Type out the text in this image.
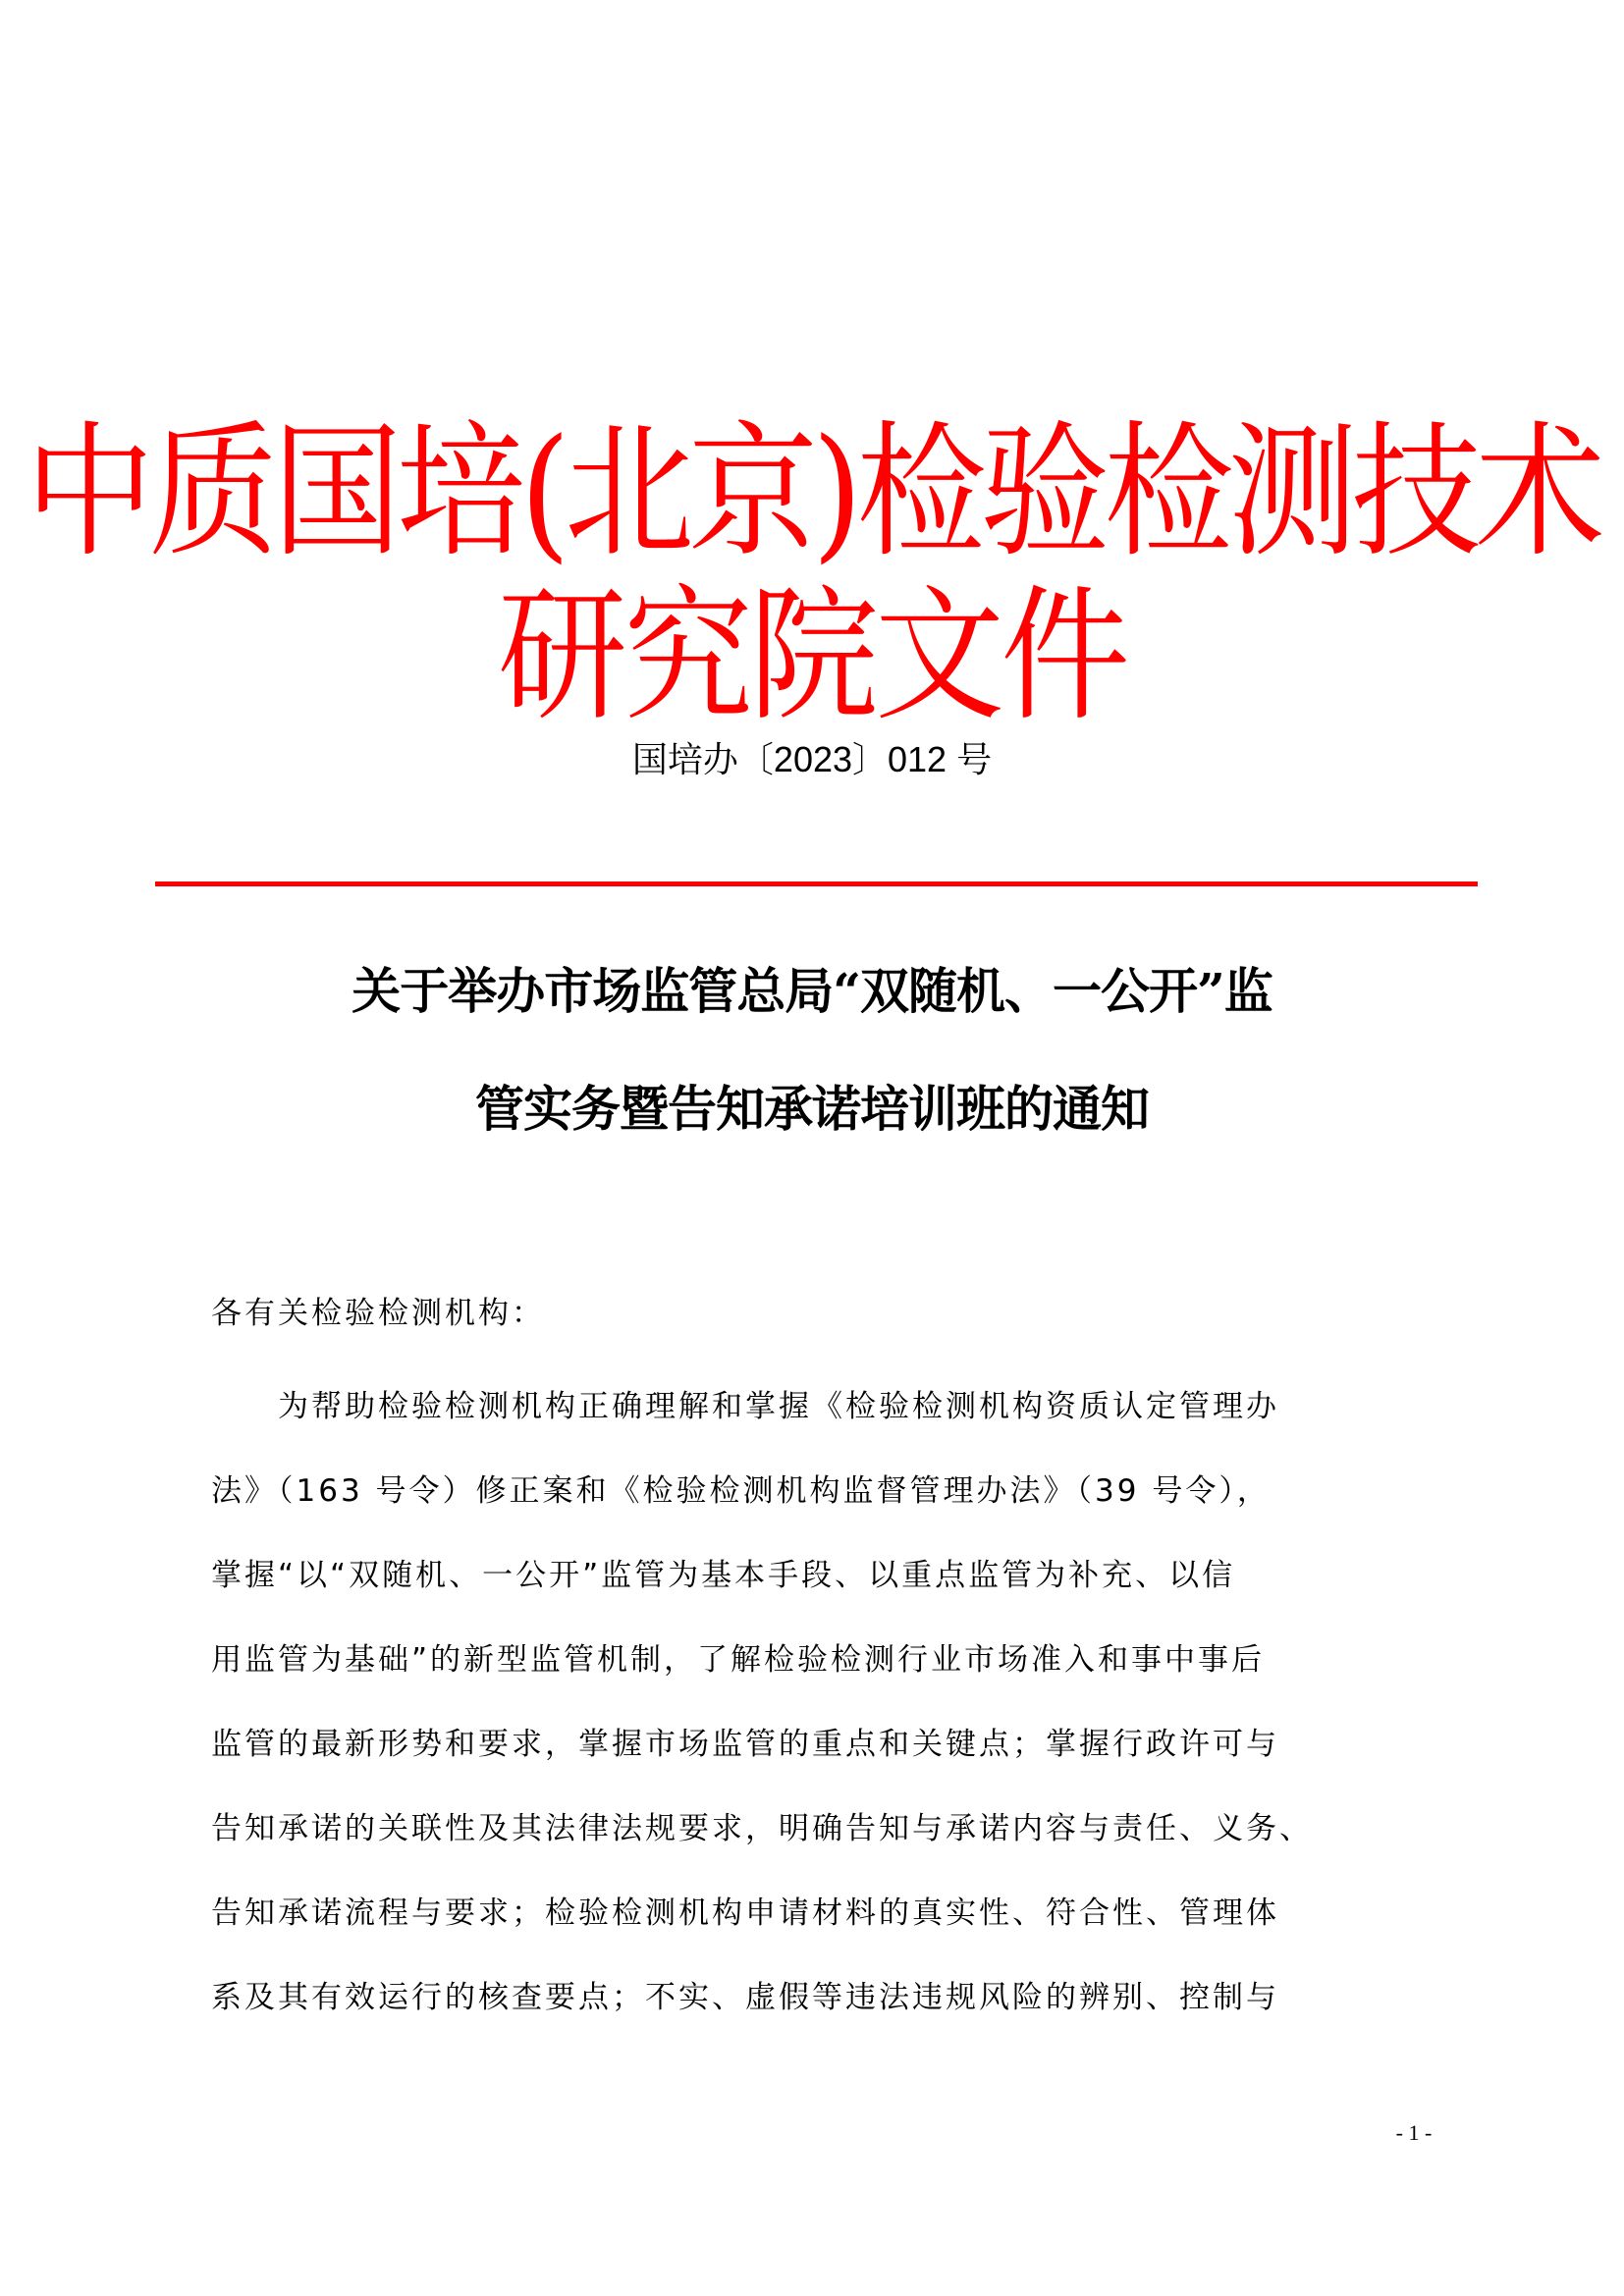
中质国培(北京)检验检测技术
研究院文件
国培办〔2023〕012 号
关于举办市场监管总局“双随机、一公开”监
管实务暨告知承诺培训班的通知
各有关检验检测机构：
　　为帮助检验检测机构正确理解和掌握《检验检测机构资质认定管理办
法》（163 号令）修正案和《检验检测机构监督管理办法》（39 号令），
掌握“以“双随机、一公开”监管为基本手段、以重点监管为补充、以信
用监管为基础”的新型监管机制，了解检验检测行业市场准入和事中事后
监管的最新形势和要求，掌握市场监管的重点和关键点；掌握行政许可与
告知承诺的关联性及其法律法规要求，明确告知与承诺内容与责任、义务、
告知承诺流程与要求；检验检测机构申请材料的真实性、符合性、管理体
系及其有效运行的核查要点；不实、虚假等违法违规风险的辨别、控制与
- 1 -
